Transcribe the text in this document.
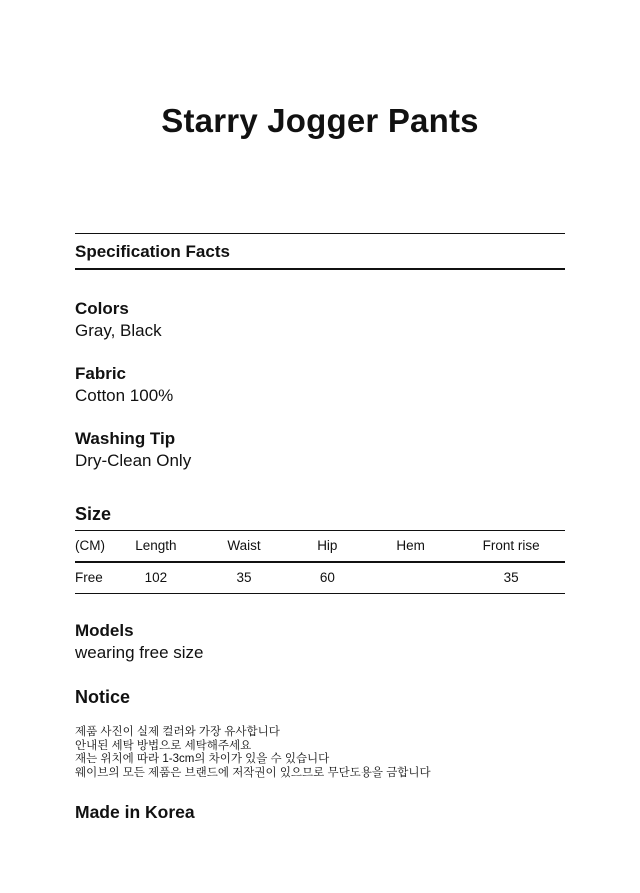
Starry Jogger Pants
Specification Facts
Colors
Gray, Black
Fabric
Cotton 100%
Washing Tip
Dry-Clean Only
Size
(CM)	Length	Waist	Hip	Hem	Front rise
Free	102	35	60		35
Models
wearing free size
Notice

제품 사진이 실제 컬러와 가장 유사합니다

안내된 세탁 방법으로 세탁해주세요

재는 위치에 따라 1-3cm의 차이가 있을 수 있습니다

웨이브의 모든 제품은 브랜드에 저작권이 있으므로 무단도용을 금합니다

Made in Korea
